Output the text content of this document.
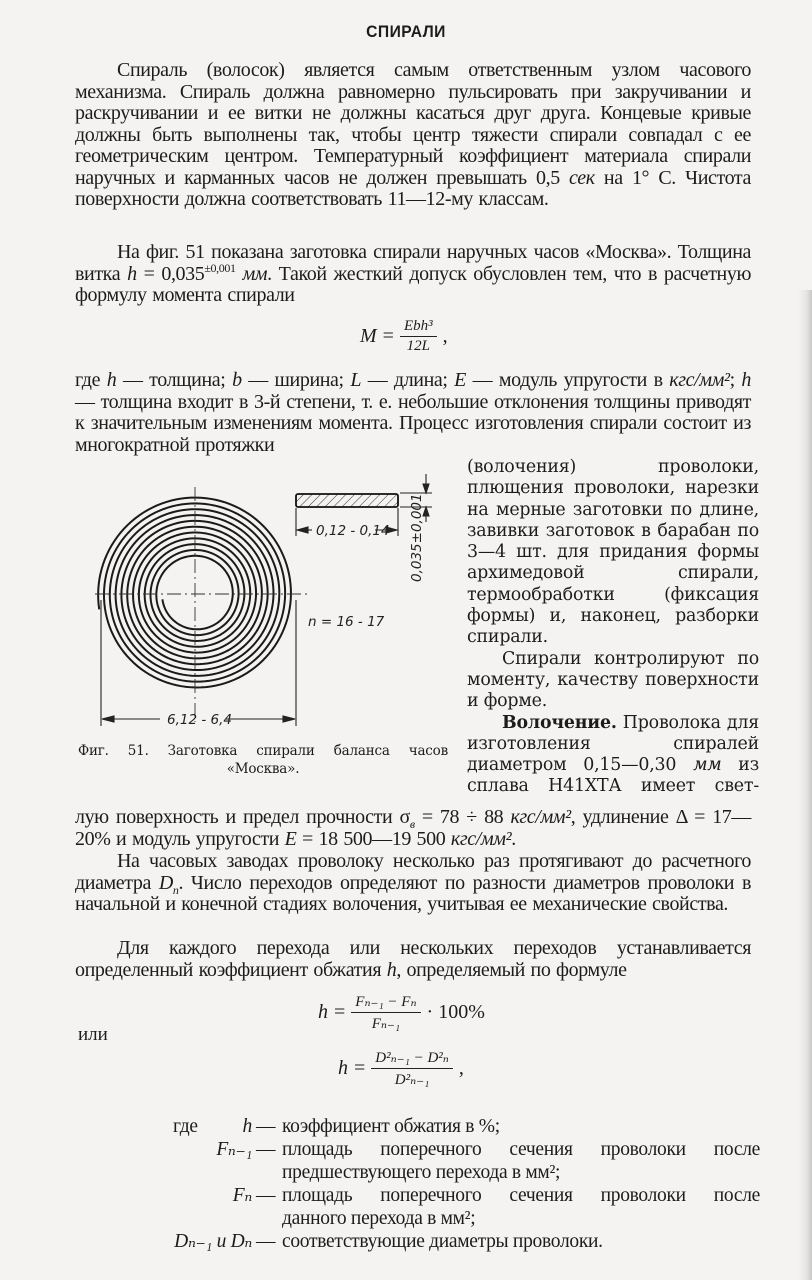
СПИРАЛИ

Спираль (волосок) является самым ответственным узлом часового механизма. Спираль должна равномерно пульсировать при закручивании и раскручивании и ее витки не должны касаться друг друга. Концевые кривые должны быть выполнены так, чтобы центр тяжести спирали совпадал с ее геометрическим центром. Температурный коэффициент материала спирали наручных и карманных часов не должен превышать 0,5 сек на 1° С. Чистота поверхности должна соответствовать 11—12-му классам.

На фиг. 51 показана заготовка спирали наручных часов «Москва». Толщина витка $h = 0,035^{\pm 0,001}$ мм. Такой жесткий допуск обусловлен тем, что в расчетную формулу момента спирали

$M = \frac{\text{Ebh³}}{12L}$ ,

где h — толщина; b — ширина; L — длина; E — модуль упругости в кгс/мм²; h — толщина входит в 3-й степени, т. е. небольшие отклонения толщины приводят к значительным изменениям момента. Процесс изготовления спирали состоит из многократной протяжки

(волочения) проволоки, плющения проволоки, нарезки на мерные заготовки по длине, завивки заготовок в барабан по 3—4 шт. для придания формы архимедовой спирали, термообработки (фиксация формы) и, наконец, разборки спирали.

Спирали контролируют по моменту, качеству поверхности и форме.

Волочение. Проволока для изготовления спиралей диаметром 0,15—0,30 мм из сплава Н41ХТА имеет свет-

6,12 - 6,4
0,12 - 0,14 0,035±0,001
n = 16 - 17
Фиг. 51. Заготовка спирали баланса часов
«Москва».

лую поверхность и предел прочности $\sigma_в = 78 \div 88$ кгс/мм², удлинение Δ = 17—20% и модуль упругости E = 18 500—19 500 кгс/мм².

На часовых заводах проволоку несколько раз протягивают до расчетного диаметра $D_n$. Число переходов определяют по разности диаметров проволоки в начальной и конечной стадиях волочения, учитывая ее механические свойства.

Для каждого перехода или нескольких переходов устанавливается определенный коэффициент обжатия h, определяемый по формуле

$h = \frac{\text{Fₙ₋₁ − Fₙ}}{\text{Fₙ₋₁}} \cdot 100\%$
или
$h = \frac{\text{D²ₙ₋₁ − D²ₙ}}{\text{D²ₙ₋₁}}$ ,
где h — коэффициент обжатия в %;
Fₙ₋₁ — площадь поперечного сечения проволоки после
предшествующего перехода в мм²;
Fₙ — площадь поперечного сечения проволоки после
данного перехода в мм²;
Dₙ₋₁ и Dₙ — соответствующие диаметры проволоки.
